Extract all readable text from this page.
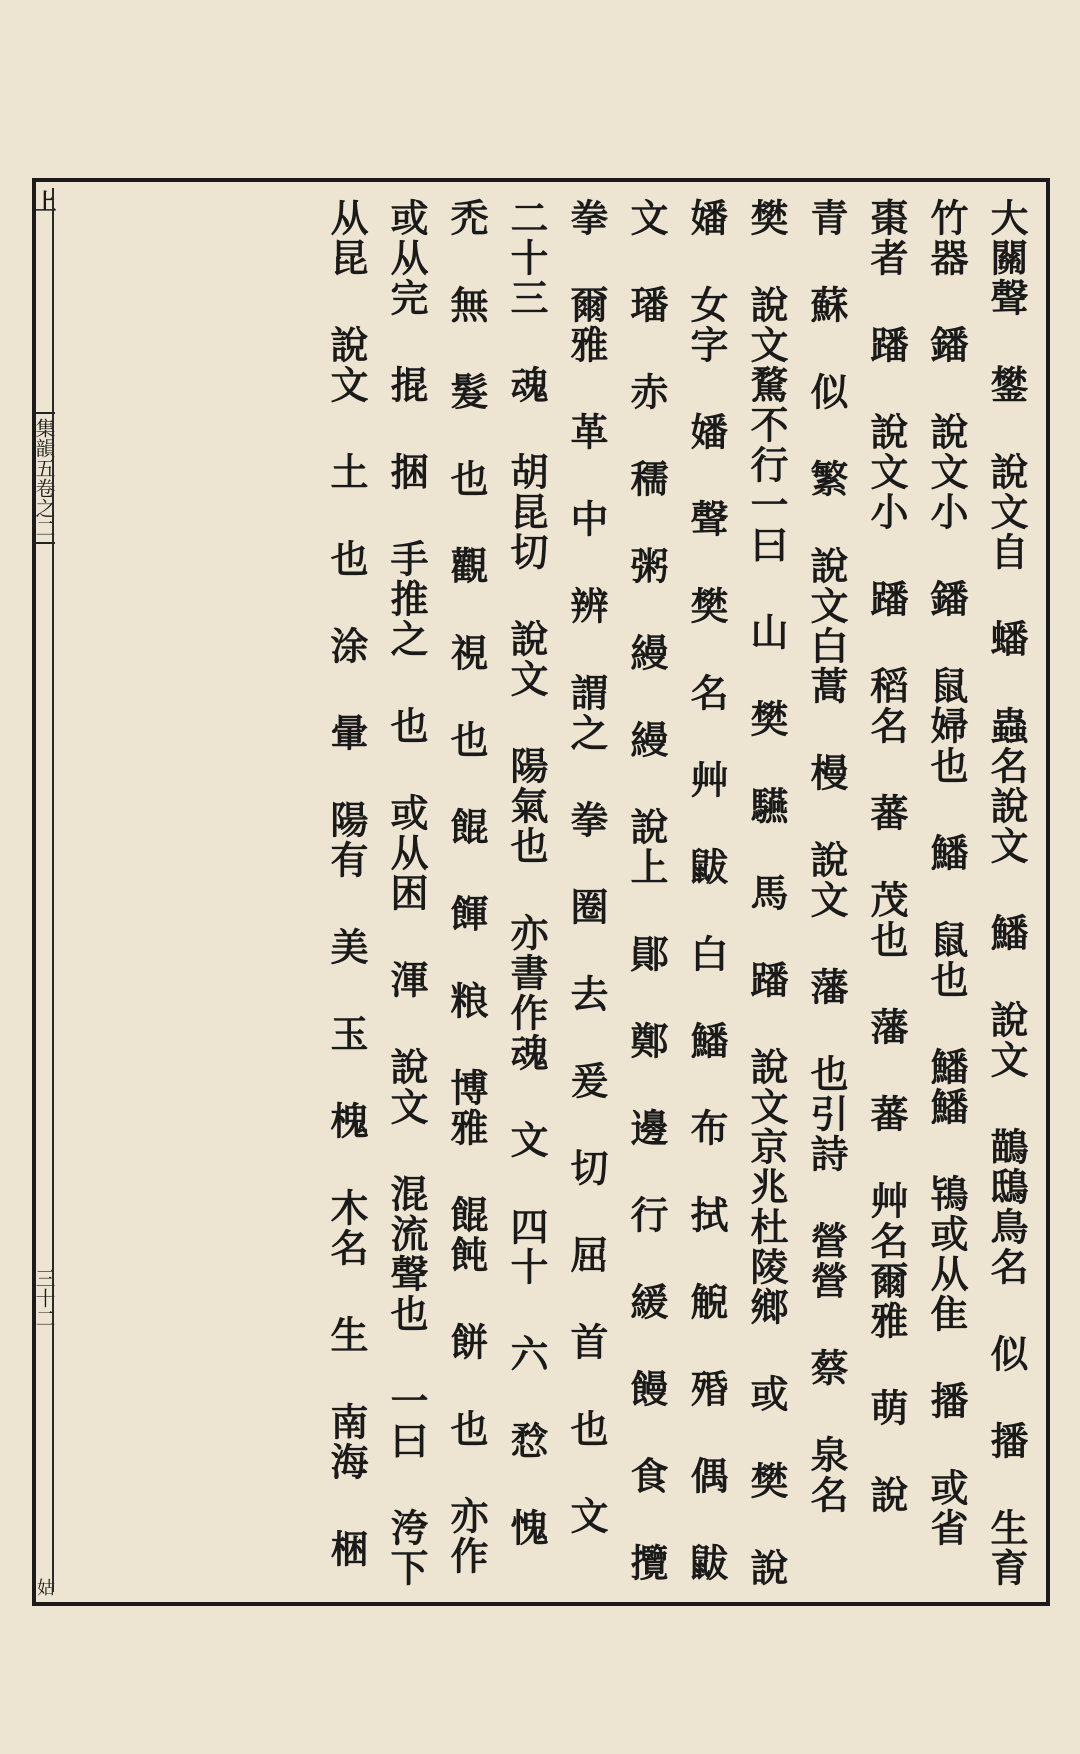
上
集韻五卷之二
三十二
姑
大關聲 鐢 說文自 蟠 蟲名說文 鱕 說文 鶓鴟鳥名 似 播 生育
竹器 鐇 說文小 鐇 鼠婦也 鱕 鼠也 鱕鱕 鴇或从隹 播 或省
棗者 蹯 說文小 蹯 稻名 蕃 茂也 藩 蕃 艸名爾雅 萌 說
青 蘇 似 繁 說文白蒿 槾 說文 藩 也引詩 營營 蔡 泉名
樊 說文騖不行一曰 山 樊 驠 馬 蹯 說文京兆杜陵鄉 或 樊 說
嬏 女字 嬏 聲 樊 名 艸 鼥 白 鱕 布 拭 觬 殙 偶 鼥
文 璠 赤 穤 粥 縵 縵 說上 鄖 鄭 邊 行 緩 饅 食 攬
拳 爾雅 革 中 辨 謂之 拳 圈 去 爰 切 屈 首 也 文
二十三 魂 胡昆切 說文 陽氣也 亦書作魂 文 四十 六 㥤 愧
禿 無 髮 也 觀 視 也 餛 餫 粮 博雅 餛飩 餅 也 亦作
或从完 掍 捆 手推之 也 或从困 渾 說文 混流聲也 一曰 洿下
从昆 說文 土 也 涂 暈 陽有 美 玉 槐 木名 生 南海 梱
